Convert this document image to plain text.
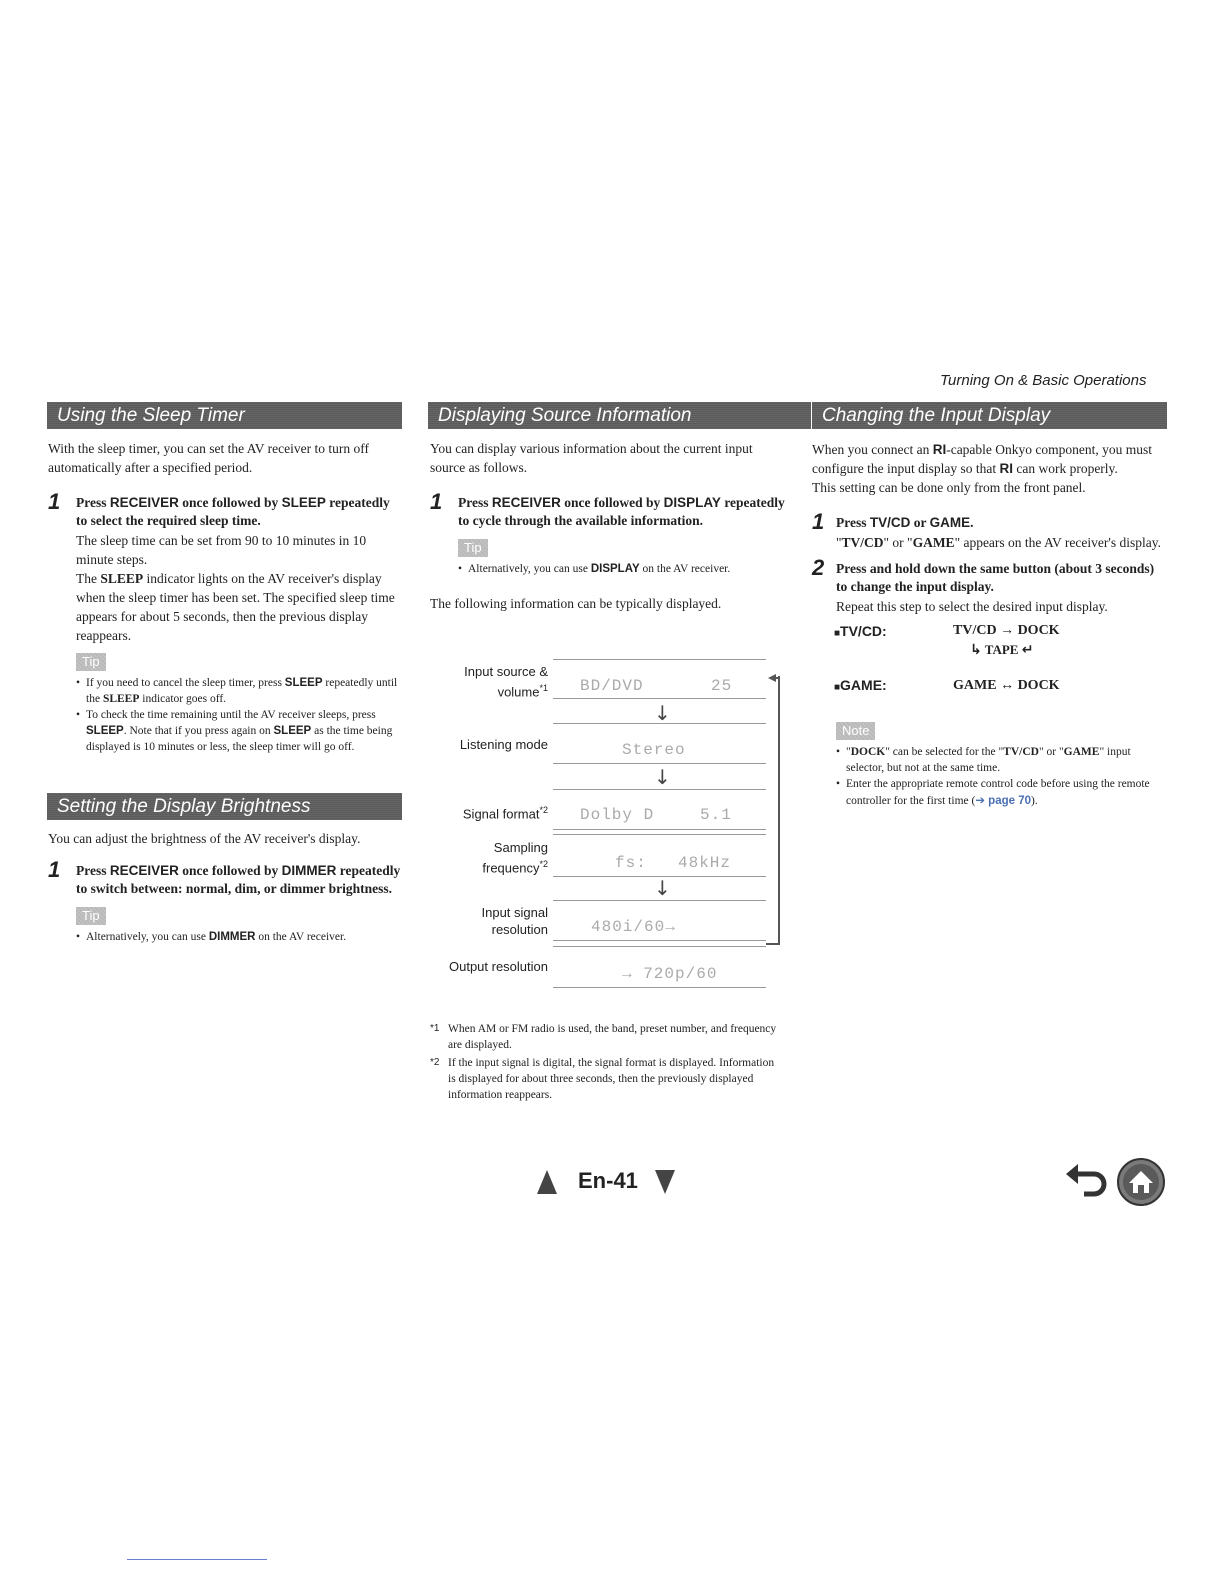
Turning On & Basic Operations
Using the Sleep Timer

With the sleep timer, you can set the AV receiver to turn off automatically after a specified period.

1 Press RECEIVER once followed by SLEEP repeatedly to select the required sleep time.
The sleep time can be set from 90 to 10 minutes in 10 minute steps.
The SLEEP indicator lights on the AV receiver's display when the sleep timer has been set. The specified sleep time appears for about 5 seconds, then the previous display reappears.
Tip
• If you need to cancel the sleep timer, press SLEEP repeatedly until the SLEEP indicator goes off.
• To check the time remaining until the AV receiver sleeps, press SLEEP. Note that if you press again on SLEEP as the time being displayed is 10 minutes or less, the sleep timer will go off.
Setting the Display Brightness

You can adjust the brightness of the AV receiver's display.

1 Press RECEIVER once followed by DIMMER repeatedly to switch between: normal, dim, or dimmer brightness.
Tip
• Alternatively, you can use DIMMER on the AV receiver.
Displaying Source Information

You can display various information about the current input source as follows.

1 Press RECEIVER once followed by DISPLAY repeatedly to cycle through the available information.
Tip
• Alternatively, you can use DISPLAY on the AV receiver.

The following information can be typically displayed.

Input source &
volume$^{*1}$ BD/DVD	25
↓
Listening mode	Stereo
↓
Signal format$^{*2}$ Dolby D	5.1
Sampling
frequency$^{*2}$	fs: 48kHz
↓
Input signal
resolution	480i/60→
Output resolution	→ 720p/60
*1 When AM or FM radio is used, the band, preset number, and frequency are displayed.
*2 If the input signal is digital, the signal format is displayed. Information is displayed for about three seconds, then the previously displayed information reappears.
Changing the Input Display

When you connect an RI-capable Onkyo component, you must configure the input display so that RI can work properly.

This setting can be done only from the front panel.

1 Press TV/CD or GAME.
"TV/CD" or "GAME" appears on the AV receiver's display.
2 Press and hold down the same button (about 3 seconds) to change the input display.
Repeat this step to select the desired input display.
■TV/CD:	TV/CD → DOCK
↳ TAPE ↵
■GAME:	GAME ↔ DOCK
Note
• "DOCK" can be selected for the "TV/CD" or "GAME" input selector, but not at the same time.
• Enter the appropriate remote control code before using the remote controller for the first time (➔ page 70).
En-41
